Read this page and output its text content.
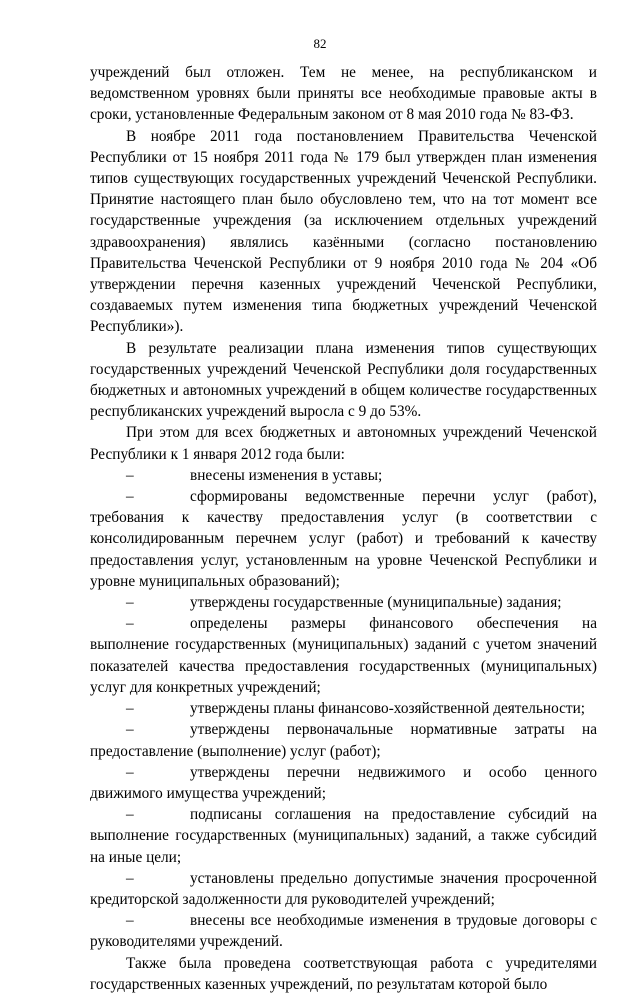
82

учреждений был отложен. Тем не менее, на республиканском и ведомственном уровнях были приняты все необходимые правовые акты в сроки, установленные Федеральным законом от 8 мая 2010 года № 83-ФЗ.

В ноябре 2011 года постановлением Правительства Чеченской Республики от 15 ноября 2011 года № 179 был утвержден план изменения типов существующих государственных учреждений Чеченской Республики. Принятие настоящего план было обусловлено тем, что на тот момент все государственные учреждения (за исключением отдельных учреждений здравоохранения) являлись казёнными (согласно постановлению Правительства Чеченской Республики от 9 ноября 2010 года № 204 «Об утверждении перечня казенных учреждений Чеченской Республики, создаваемых путем изменения типа бюджетных учреждений Чеченской Республики»).

В результате реализации плана изменения типов существующих государственных учреждений Чеченской Республики доля государственных бюджетных и автономных учреждений в общем количестве государственных республиканских учреждений выросла с 9 до 53%.

При этом для всех бюджетных и автономных учреждений Чеченской Республики к 1 января 2012 года были:

–	внесены изменения в уставы;

–	сформированы ведомственные перечни услуг (работ), требования к качеству предоставления услуг (в соответствии с консолидированным перечнем услуг (работ) и требований к качеству предоставления услуг, установленным на уровне Чеченской Республики и уровне муниципальных образований);

–	утверждены государственные (муниципальные) задания;

–	определены размеры финансового обеспечения на выполнение государственных (муниципальных) заданий с учетом значений показателей качества предоставления государственных (муниципальных) услуг для конкретных учреждений;

–	утверждены планы финансово-хозяйственной деятельности;

–	утверждены первоначальные нормативные затраты на предоставление (выполнение) услуг (работ);

–	утверждены перечни недвижимого и особо ценного движимого имущества учреждений;

–	подписаны соглашения на предоставление субсидий на выполнение государственных (муниципальных) заданий, а также субсидий на иные цели;

–	установлены предельно допустимые значения просроченной кредиторской задолженности для руководителей учреждений;

–	внесены все необходимые изменения в трудовые договоры с руководителями учреждений.

Также была проведена соответствующая работа с учредителями государственных казенных учреждений, по результатам которой было
